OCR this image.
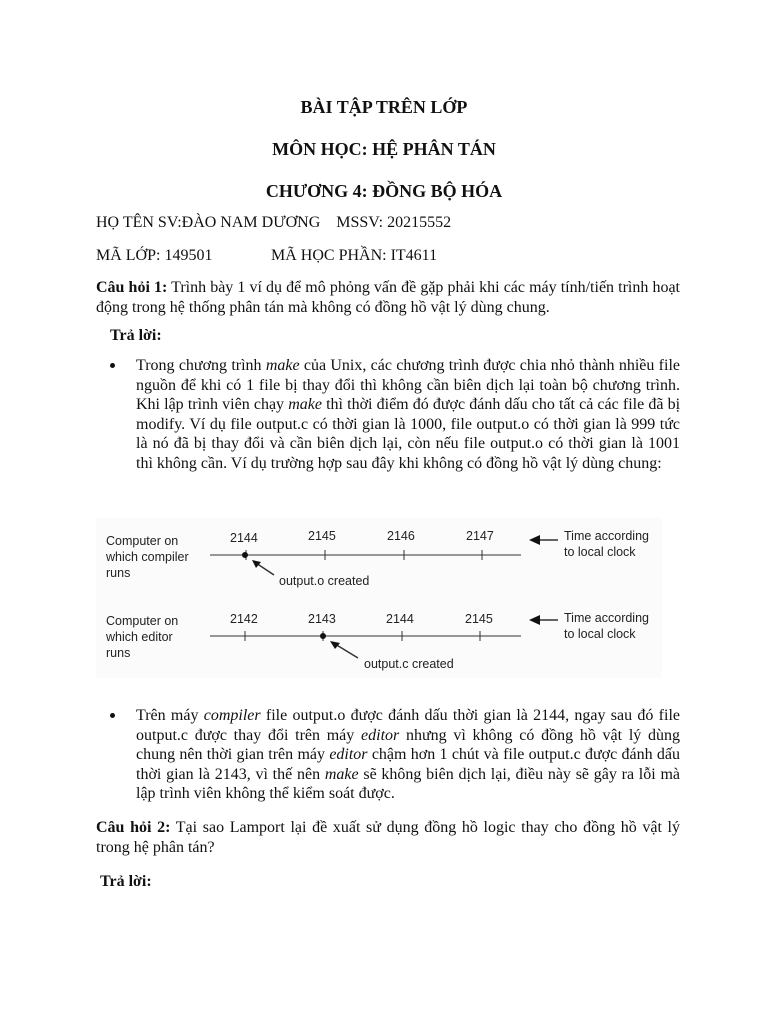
BÀI TẬP TRÊN LỚP
MÔN HỌC: HỆ PHÂN TÁN
CHƯƠNG 4: ĐỒNG BỘ HÓA
HỌ TÊN SV:ĐÀO NAM DƯƠNG    MSSV: 20215552
MÃ LỚP: 149501	MÃ HỌC PHẦN: IT4611
Câu hỏi 1: Trình bày 1 ví dụ để mô phỏng vấn đề gặp phải khi các máy tính/tiến trình hoạt động trong hệ thống phân tán mà không có đồng hồ vật lý dùng chung.
Trả lời:
Trong chương trình make của Unix, các chương trình được chia nhỏ thành nhiều file nguồn để khi có 1 file bị thay đổi thì không cần biên dịch lại toàn bộ chương trình. Khi lập trình viên chạy make thì thời điểm đó được đánh dấu cho tất cả các file đã bị modify. Ví dụ file output.c có thời gian là 1000, file output.o có thời gian là 999 tức là nó đã bị thay đổi và cần biên dịch lại, còn nếu file output.o có thời gian là 1001 thì không cần. Ví dụ trường hợp sau đây khi không có đồng hồ vật lý dùng chung:
Computer on
which compiler
runs
2144	2145	2146	2147
output.o created
Time according
to local clock
Computer on
which editor
runs
2142	2143	2144	2145
output.c created
Time according
to local clock
Trên máy compiler file output.o được đánh dấu thời gian là 2144, ngay sau đó file output.c được thay đổi trên máy editor nhưng vì không có đồng hồ vật lý dùng chung nên thời gian trên máy editor chậm hơn 1 chút và file output.c được đánh dấu thời gian là 2143, vì thế nên make sẽ không biên dịch lại, điều này sẽ gây ra lỗi mà lập trình viên không thể kiểm soát được.
Câu hỏi 2: Tại sao Lamport lại đề xuất sử dụng đồng hồ logic thay cho đồng hồ vật lý trong hệ phân tán?
Trả lời:
